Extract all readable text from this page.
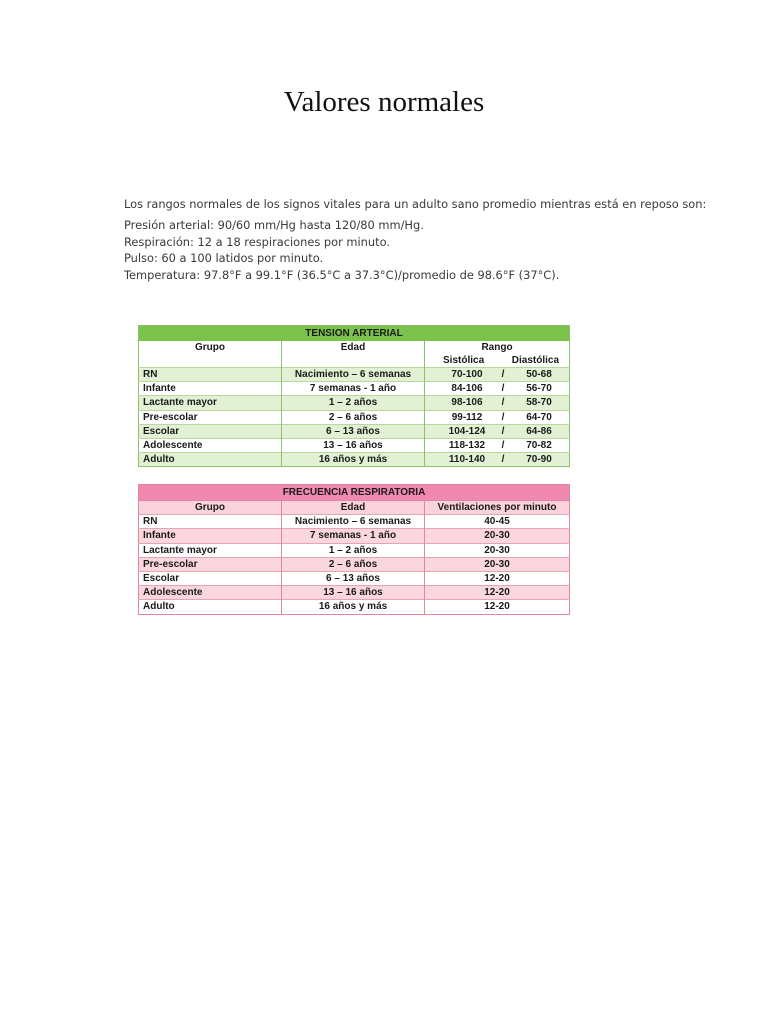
Valores normales
Los rangos normales de los signos vitales para un adulto sano promedio mientras está en reposo son:
Presión arterial: 90/60 mm/Hg hasta 120/80 mm/Hg.
Respiración: 12 a 18 respiraciones por minuto.
Pulso: 60 a 100 latidos por minuto.
Temperatura: 97.8°F a 99.1°F (36.5°C a 37.3°C)/promedio de 98.6°F (37°C).
TENSION ARTERIAL		
Grupo	Edad	Rango
Sistólica Diastólica

RN	Nacimiento – 6 semanas	70-100 / 50-68

Infante	7 semanas - 1 año	84-106 / 56-70

Lactante mayor	1 – 2 años	98-106 / 58-70

Pre-escolar	2 – 6 años	99-112 / 64-70

Escolar	6 – 13 años	104-124 / 64-86

Adolescente	13 – 16 años	118-132 / 70-82

Adulto	16 años y más	110-140 / 70-90
FRECUENCIA RESPIRATORIA		
Grupo	Edad	Ventilaciones por minuto
RN	Nacimiento – 6 semanas	40-45
Infante	7 semanas - 1 año	20-30
Lactante mayor	1 – 2 años	20-30
Pre-escolar	2 – 6 años	20-30
Escolar	6 – 13 años	12-20
Adolescente	13 – 16 años	12-20
Adulto	16 años y más	12-20
